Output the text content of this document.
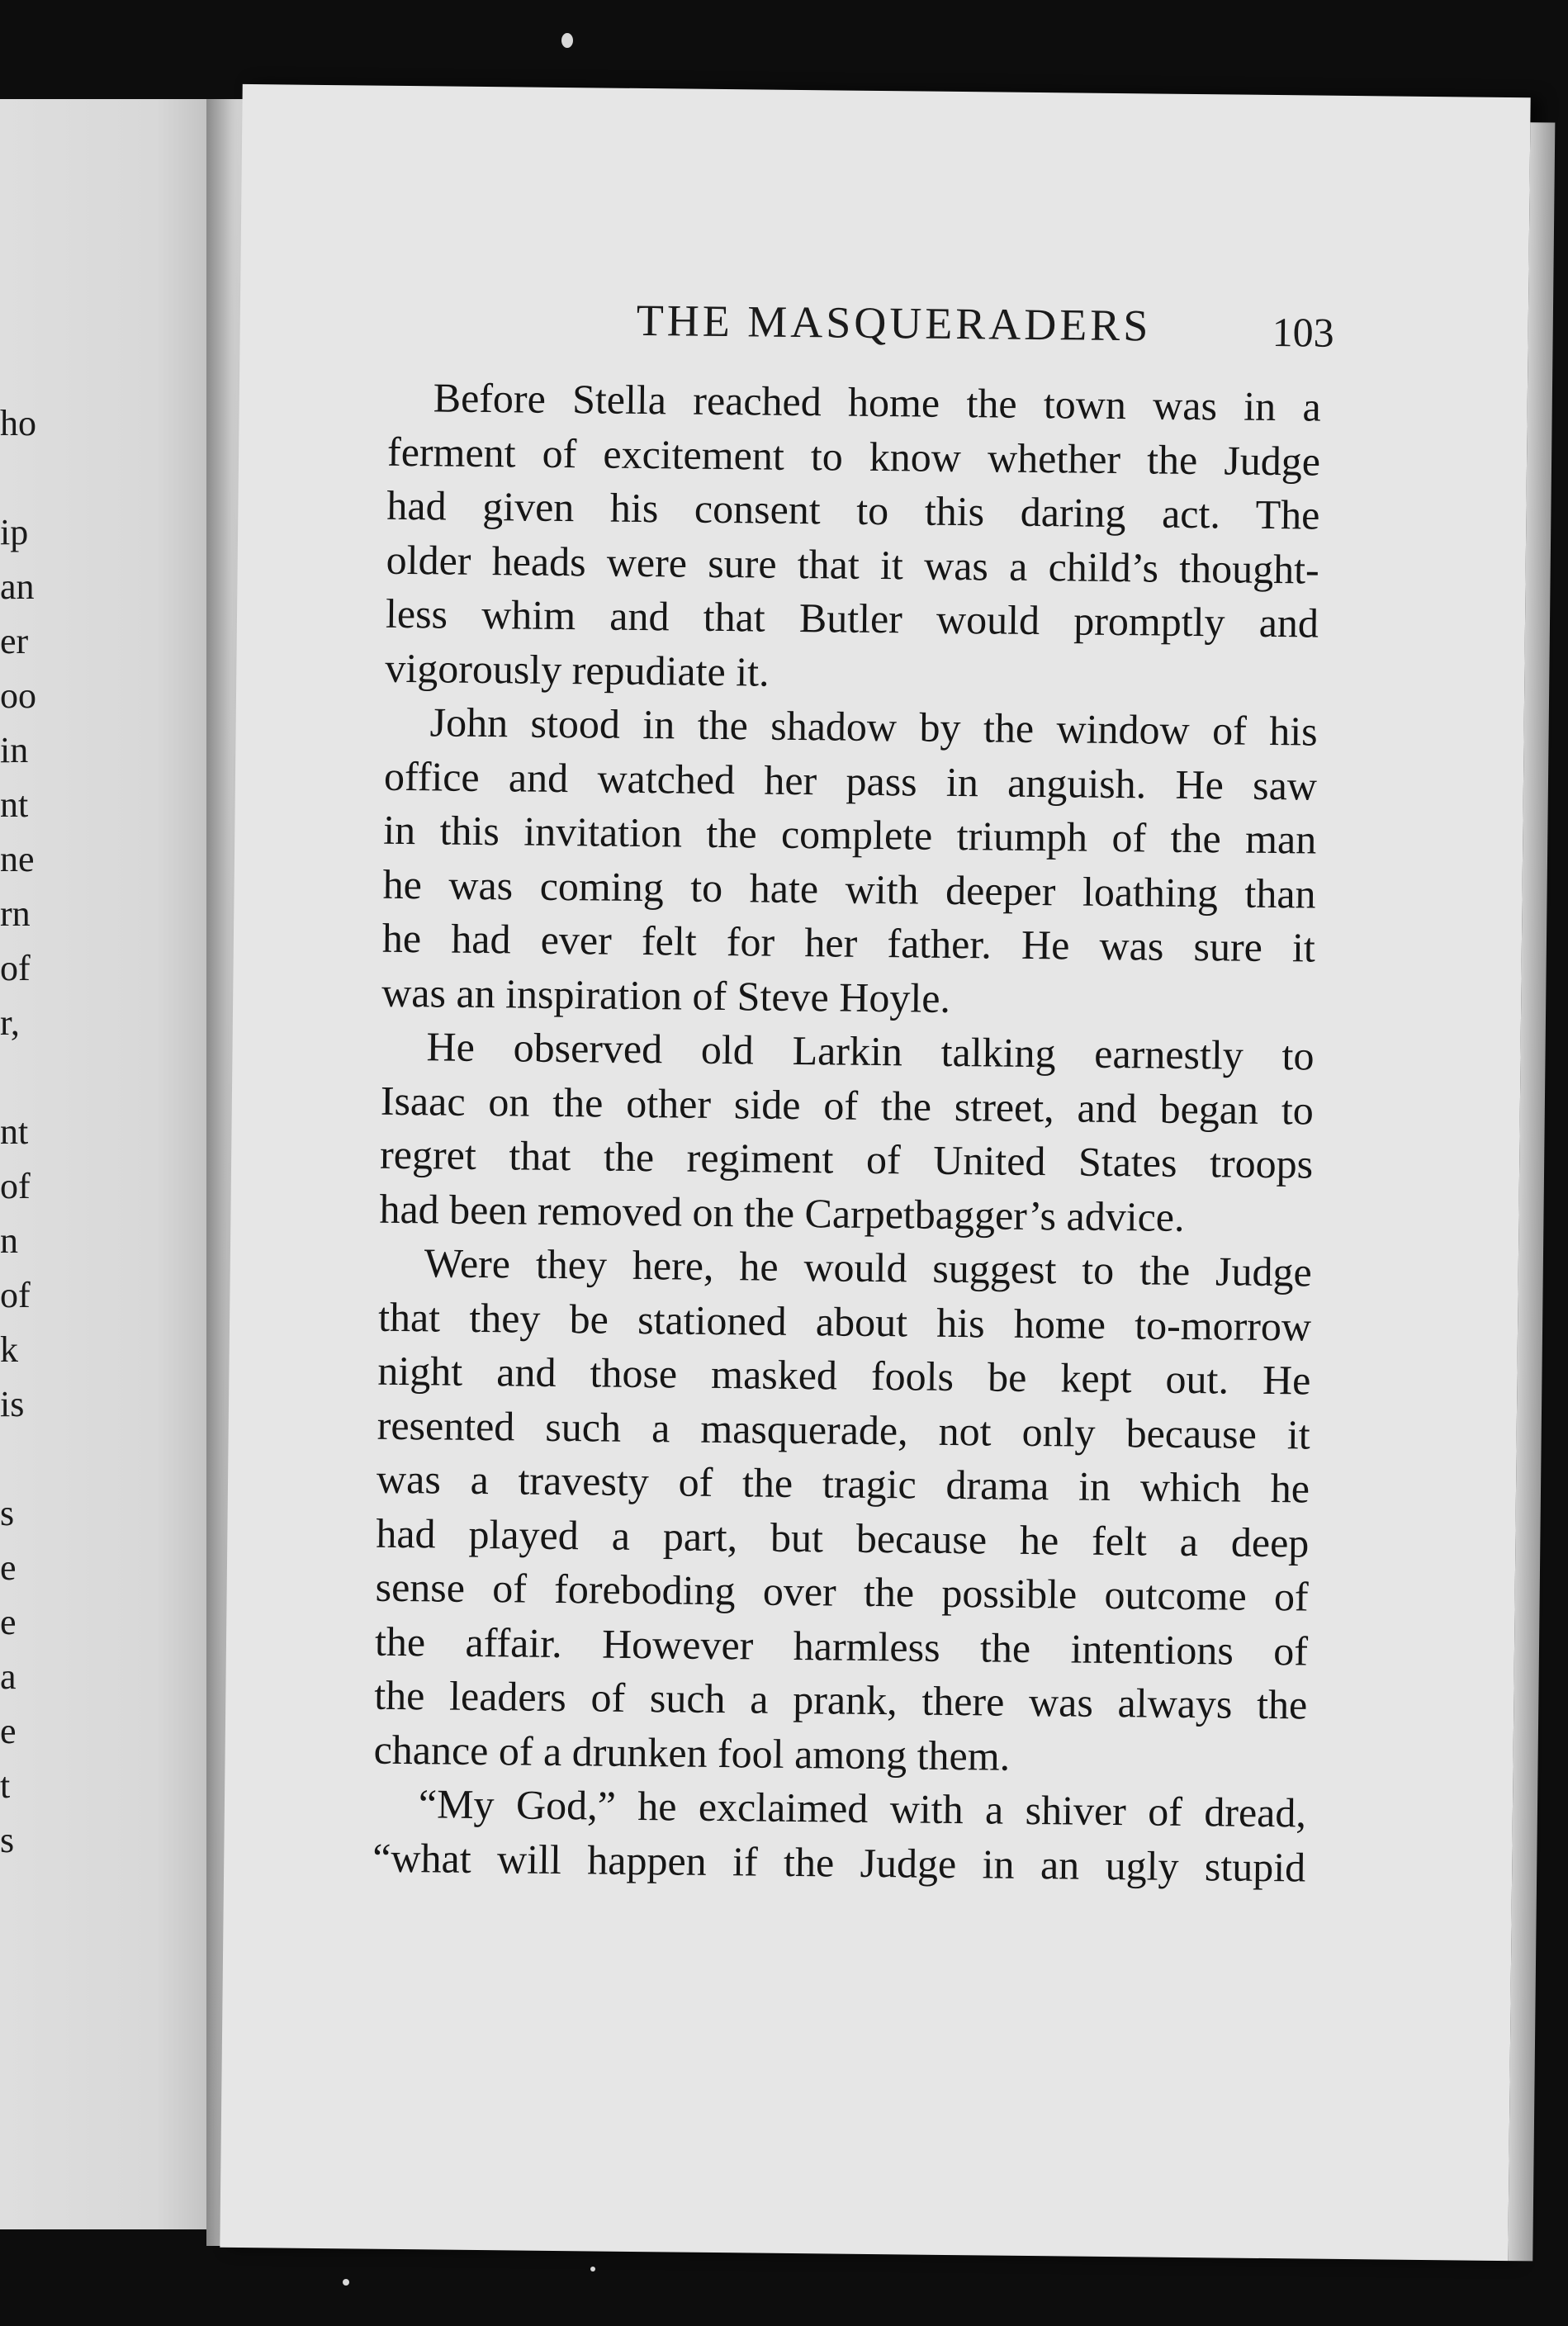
ho
ip
an
er
oo
in
nt
ne
rn
of
r,
nt
of
n
of
k
is
s
e
e
a
e
t
s
THE MASQUERADERS	103
Before Stella reached home the town was in a
ferment of excitement to know whether the Judge
had given his consent to this daring act. The
older heads were sure that it was a child’s thought-
less whim and that Butler would promptly and
vigorously repudiate it.
John stood in the shadow by the window of his
office and watched her pass in anguish. He saw
in this invitation the complete triumph of the man
he was coming to hate with deeper loathing than
he had ever felt for her father. He was sure it
was an inspiration of Steve Hoyle.
He observed old Larkin talking earnestly to
Isaac on the other side of the street, and began to
regret that the regiment of United States troops
had been removed on the Carpetbagger’s advice.
Were they here, he would suggest to the Judge
that they be stationed about his home to-morrow
night and those masked fools be kept out. He
resented such a masquerade, not only because it
was a travesty of the tragic drama in which he
had played a part, but because he felt a deep
sense of foreboding over the possible outcome of
the affair. However harmless the intentions of
the leaders of such a prank, there was always the
chance of a drunken fool among them.
“My God,” he exclaimed with a shiver of dread,
“what will happen if the Judge in an ugly stupid
